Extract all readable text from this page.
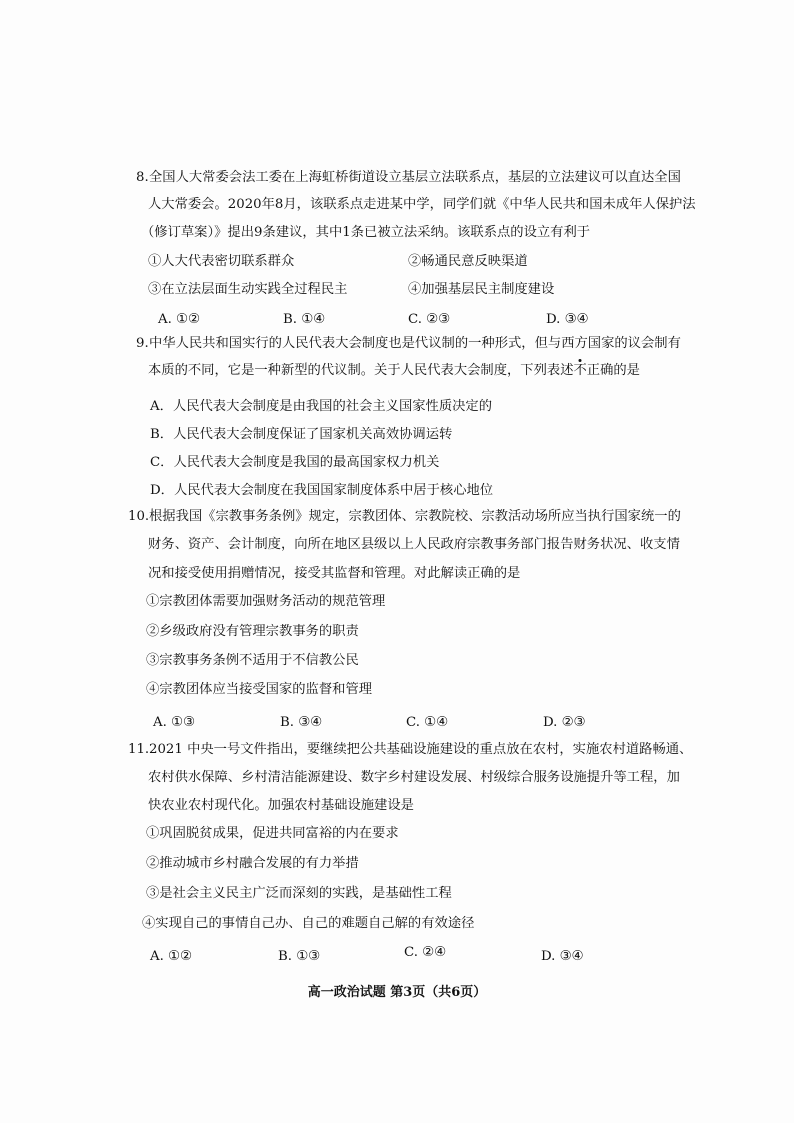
8. 全国人大常委会法工委在上海虹桥街道设立基层立法联系点，基层的立法建议可以直达全国
人大常委会。2020年8月，该联系点走进某中学，同学们就《中华人民共和国未成年人保护法
（修订草案）》提出9条建议，其中1条已被立法采纳。该联系点的设立有利于
①人大代表密切联系群众	②畅通民意反映渠道
③在立法层面生动实践全过程民主	④加强基层民主制度建设
A. ①②	B. ①④	C. ②③	D. ③④
9. 中华人民共和国实行的人民代表大会制度也是代议制的一种形式，但与西方国家的议会制有
本质的不同，它是一种新型的代议制。关于人民代表大会制度，下列表述不正确的是
A．人民代表大会制度是由我国的社会主义国家性质决定的
B．人民代表大会制度保证了国家机关高效协调运转
C．人民代表大会制度是我国的最高国家权力机关
D．人民代表大会制度在我国国家制度体系中居于核心地位
10. 根据我国《宗教事务条例》规定，宗教团体、宗教院校、宗教活动场所应当执行国家统一的
财务、资产、会计制度，向所在地区县级以上人民政府宗教事务部门报告财务状况、收支情
况和接受使用捐赠情况，接受其监督和管理。对此解读正确的是
①宗教团体需要加强财务活动的规范管理
②乡级政府没有管理宗教事务的职责
③宗教事务条例不适用于不信教公民
④宗教团体应当接受国家的监督和管理
A. ①③	B. ③④	C. ①④	D. ②③
11. 2021 中央一号文件指出，要继续把公共基础设施建设的重点放在农村，实施农村道路畅通、
农村供水保障、乡村清洁能源建设、数字乡村建设发展、村级综合服务设施提升等工程，加
快农业农村现代化。加强农村基础设施建设是
①巩固脱贫成果，促进共同富裕的内在要求
②推动城市乡村融合发展的有力举措
③是社会主义民主广泛而深刻的实践，是基础性工程
④实现自己的事情自己办、自己的难题自己解的有效途径
A. ①②	B. ①③	C. ②④	D. ③④
高一政治试题 第3页（共6页）
